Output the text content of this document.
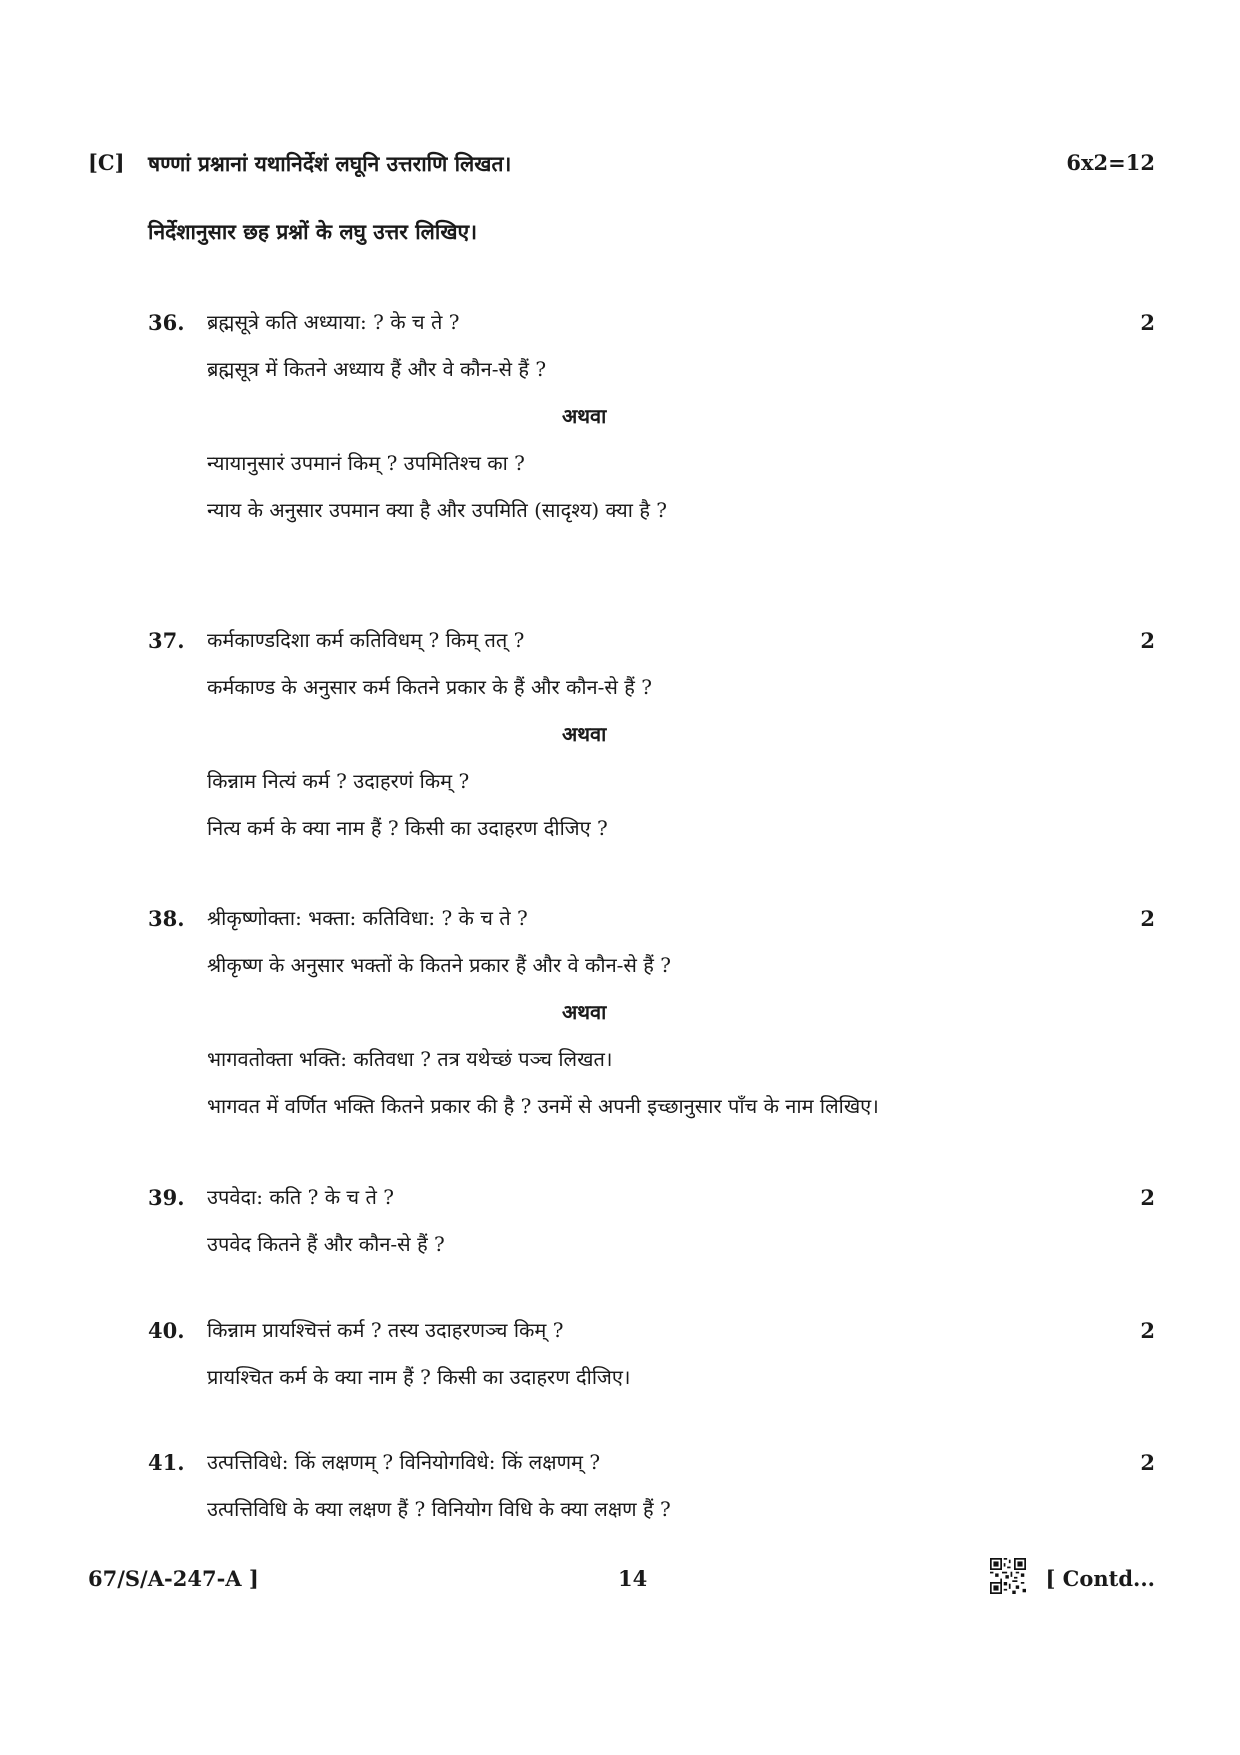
[C] षण्णां प्रश्नानां यथानिर्देशं लघूनि उत्तराणि लिखत।	6x2=12
निर्देशानुसार छह प्रश्नों के लघु उत्तर लिखिए।
36. ब्रह्मसूत्रे कति अध्याया: ? के च ते ?	2
ब्रह्मसूत्र में कितने अध्याय हैं और वे कौन-से हैं ?
अथवा
न्यायानुसारं उपमानं किम् ? उपमितिश्च का ?
न्याय के अनुसार उपमान क्या है और उपमिति (सादृश्य) क्या है ?
37. कर्मकाण्डदिशा कर्म कतिविधम् ? किम् तत् ?	2
कर्मकाण्ड के अनुसार कर्म कितने प्रकार के हैं और कौन-से हैं ?
अथवा
किन्नाम नित्यं कर्म ? उदाहरणं किम् ?
नित्य कर्म के क्या नाम हैं ? किसी का उदाहरण दीजिए ?
38. श्रीकृष्णोक्ता: भक्ता: कतिविधा: ? के च ते ?	2
श्रीकृष्ण के अनुसार भक्तों के कितने प्रकार हैं और वे कौन-से हैं ?
अथवा
भागवतोक्ता भक्ति: कतिवधा ? तत्र यथेच्छं पञ्च लिखत।
भागवत में वर्णित भक्ति कितने प्रकार की है ? उनमें से अपनी इच्छानुसार पाँच के नाम लिखिए।
39. उपवेदा: कति ? के च ते ?	2
उपवेद कितने हैं और कौन-से हैं ?
40. किन्नाम प्रायश्चित्तं कर्म ? तस्य उदाहरणञ्च किम् ?	2
प्रायश्चित कर्म के क्या नाम हैं ? किसी का उदाहरण दीजिए।
41. उत्पत्तिविधे: किं लक्षणम् ? विनियोगविधे: किं लक्षणम् ?	2
उत्पत्तिविधि के क्या लक्षण हैं ? विनियोग विधि के क्या लक्षण हैं ?
67/S/A-247-A ]	14	[ Contd...
